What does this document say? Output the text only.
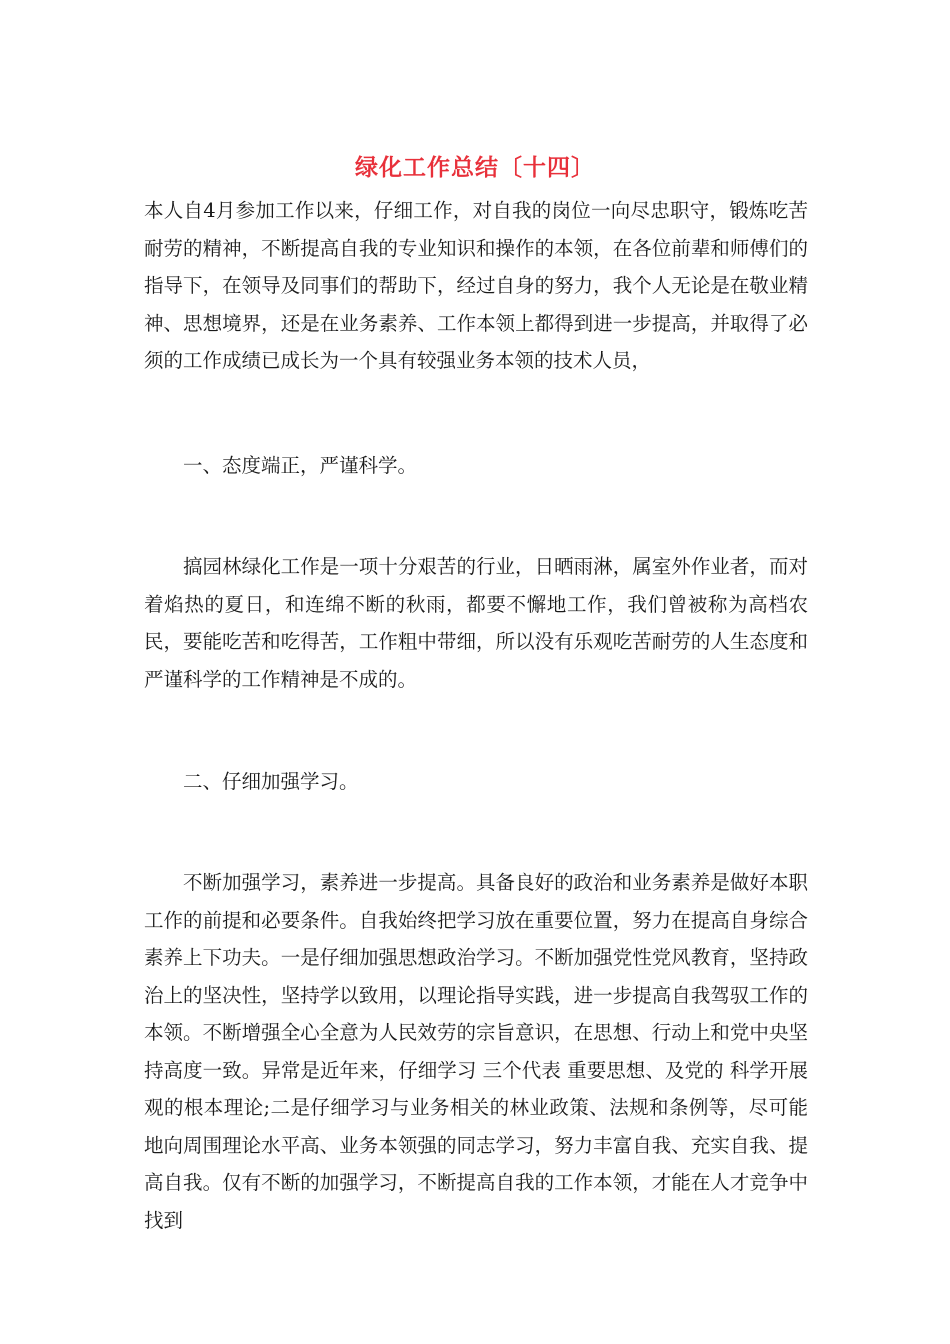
绿化工作总结〔十四〕

本人自4月参加工作以来，仔细工作，对自我的岗位一向尽忠职守，锻炼吃苦耐劳的精神，不断提高自我的专业知识和操作的本领，在各位前辈和师傅们的指导下，在领导及同事们的帮助下，经过自身的努力，我个人无论是在敬业精神、思想境界，还是在业务素养、工作本领上都得到进一步提高，并取得了必须的工作成绩已成长为一个具有较强业务本领的技术人员，

一、态度端正，严谨科学。

搞园林绿化工作是一项十分艰苦的行业，日晒雨淋，属室外作业者，而对着焰热的夏日，和连绵不断的秋雨，都要不懈地工作，我们曾被称为高档农民，要能吃苦和吃得苦，工作粗中带细，所以没有乐观吃苦耐劳的人生态度和严谨科学的工作精神是不成的。

二、仔细加强学习。

不断加强学习，素养进一步提高。具备良好的政治和业务素养是做好本职工作的前提和必要条件。自我始终把学习放在重要位置，努力在提高自身综合素养上下功夫。一是仔细加强思想政治学习。不断加强党性党风教育，坚持政治上的坚决性，坚持学以致用，以理论指导实践，进一步提高自我驾驭工作的本领。不断增强全心全意为人民效劳的宗旨意识，在思想、行动上和党中央坚持高度一致。异常是近年来，仔细学习 三个代表 重要思想、及党的 科学开展观的根本理论;二是仔细学习与业务相关的林业政策、法规和条例等，尽可能地向周围理论水平高、业务本领强的同志学习，努力丰富自我、充实自我、提高自我。仅有不断的加强学习，不断提高自我的工作本领，才能在人才竞争中找到
